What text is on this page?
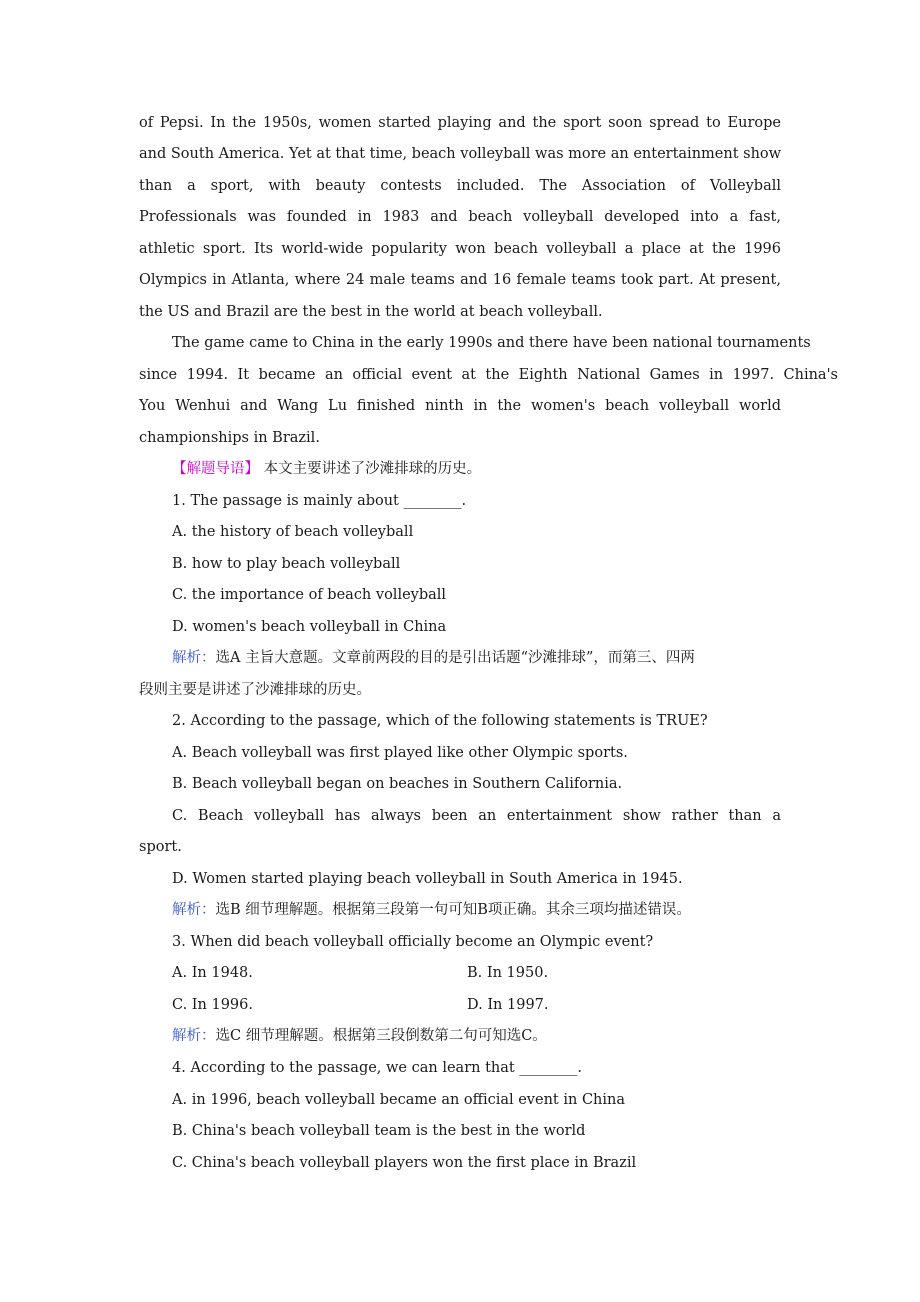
of Pepsi. In the 1950s, women started playing and the sport soon spread to Europe
and South America. Yet at that time, beach volleyball was more an entertainment show
than a sport, with beauty contests included. The Association of Volleyball
Professionals was founded in 1983 and beach volleyball developed into a fast,
athletic sport. Its world-wide popularity won beach volleyball a place at the 1996
Olympics in Atlanta, where 24 male teams and 16 female teams took part. At present,
the US and Brazil are the best in the world at beach volleyball.
The game came to China in the early 1990s and there have been national tournaments
since 1994. It became an official event at the Eighth National Games in 1997. China's
You Wenhui and Wang Lu finished ninth in the women's beach volleyball world
championships in Brazil.
【解题导语】 本文主要讲述了沙滩排球的历史。
1. The passage is mainly about ________.
A. the history of beach volleyball
B. how to play beach volleyball
C. the importance of beach volleyball
D. women's beach volleyball in China
解析：选A 主旨大意题。文章前两段的目的是引出话题“沙滩排球”，而第三、四两
段则主要是讲述了沙滩排球的历史。
2. According to the passage, which of the following statements is TRUE?
A. Beach volleyball was first played like other Olympic sports.
B. Beach volleyball began on beaches in Southern California.
C. Beach volleyball has always been an entertainment show rather than a
sport.
D. Women started playing beach volleyball in South America in 1945.
解析：选B 细节理解题。根据第三段第一句可知B项正确。其余三项均描述错误。
3. When did beach volleyball officially become an Olympic event?
A. In 1948.	B. In 1950.
C. In 1996.	D. In 1997.
解析：选C 细节理解题。根据第三段倒数第二句可知选C。
4. According to the passage, we can learn that ________.
A. in 1996, beach volleyball became an official event in China
B. China's beach volleyball team is the best in the world
C. China's beach volleyball players won the first place in Brazil
